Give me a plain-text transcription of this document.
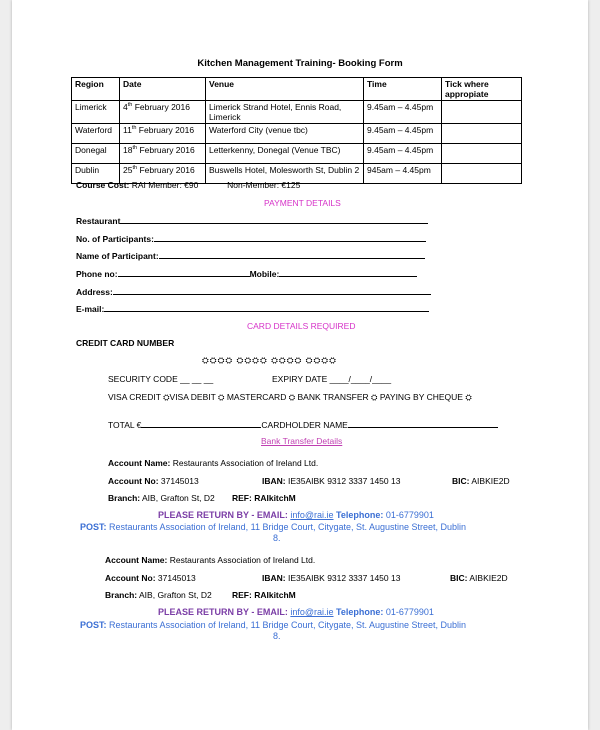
Kitchen Management Training- Booking Form
Region	Date	Venue	Time	Tick where appropiate
Limerick	4th February 2016	Limerick Strand Hotel, Ennis Road, Limerick	9.45am – 4.45pm	
Waterford	11th February 2016	Waterford City (venue tbc)	9.45am – 4.45pm	
Donegal	18th February 2016	Letterkenny, Donegal (Venue TBC)	9.45am – 4.45pm	
Dublin	25th February 2016	Buswells Hotel, Molesworth St, Dublin 2	945am – 4.45pm	
Course Cost: RAI Member: €90	Non-Member: €125
PAYMENT DETAILS
Restaurant
No. of Participants:
Name of Participant:
Phone no:	Mobile:
Address:
E-mail:
CARD DETAILS REQUIRED
CREDIT CARD NUMBER
⛭⛭⛭⛭ ⛭⛭⛭⛭ ⛭⛭⛭⛭ ⛭⛭⛭⛭
SECURITY CODE __ __ __	EXPIRY DATE ____/____/____
VISA CREDIT ⛭VISA DEBIT ⛭ MASTERCARD ⛭ BANK TRANSFER ⛭ PAYING BY CHEQUE ⛭
TOTAL €	CARDHOLDER NAME
Bank Transfer Details
Account Name: Restaurants Association of Ireland Ltd.
Account No: 37145013	IBAN: IE35AIBK 9312 3337 1450 13	BIC: AIBKIE2D
Branch: AIB, Grafton St, D2 REF: RAIkitchM
PLEASE RETURN BY - EMAIL: info@rai.ie Telephone: 01-6779901
POST: Restaurants Association of Ireland, 11 Bridge Court, Citygate, St. Augustine Street, Dublin
8.
Account Name: Restaurants Association of Ireland Ltd.
Account No: 37145013	IBAN: IE35AIBK 9312 3337 1450 13	BIC: AIBKIE2D
Branch: AIB, Grafton St, D2 REF: RAIkitchM
PLEASE RETURN BY - EMAIL: info@rai.ie Telephone: 01-6779901
POST: Restaurants Association of Ireland, 11 Bridge Court, Citygate, St. Augustine Street, Dublin
8.
